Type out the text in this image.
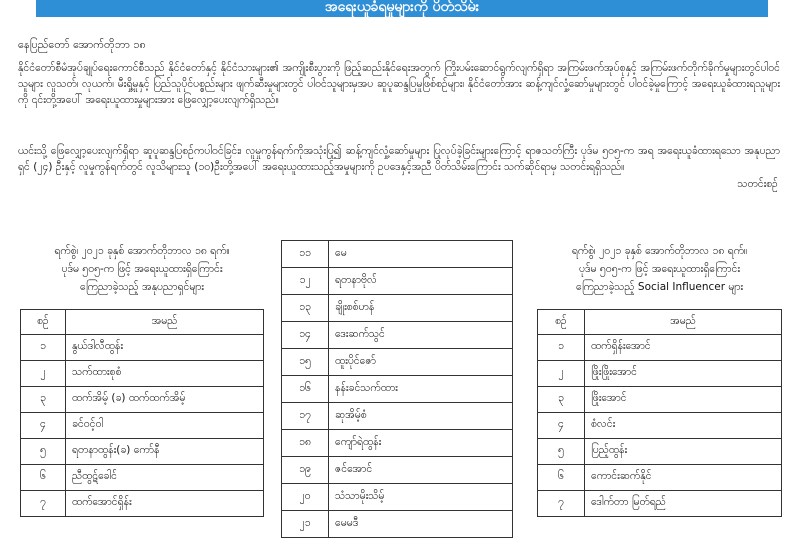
အရေးယူခံရမှုများကို ပိတ်သိမ်း
နေပြည်တော် အောက်တိုဘာ ၁၈
နိုင်ငံတော်စီမံအုပ်ချုပ်ရေးကောင်စီသည် နိုင်ငံတော်နှင့် နိုင်ငံသားများ၏ အကျိုးစီးပွားကို ဖြည့်ဆည်းနိုင်ရေးအတွက် ကြိုးပမ်းဆောင်ရွက်လျက်ရှိရာ အကြမ်းဖက်အုပ်စုနှင့် အကြမ်းဖက်တိုက်ခိုက်မှုများတွင်ပါဝင်သူများ လူသတ်၊ လုယက်၊ မီးရှို့မှုနှင့် ပြည်သူပိုင်ပစ္စည်းများ ဖျက်ဆီးမှုများတွင် ပါဝင်သူများမှအပ ဆူပူဆန္ဒပြမှုဖြစ်စဉ်များ၊ နိုင်ငံတော်အား ဆန့်ကျင်လှုံ့ဆော်မှုများတွင် ပါဝင်ခဲ့မှုကြောင့် အရေးယူခံထားရသူများကို ၎င်းတို့အပေါ် အရေးယူထားမှုများအား ဖြေလျှော့ပေးလျက်ရှိသည်။
ယင်းသို့ ဖြေလျှော့ပေးလျက်ရှိရာ ဆူပူဆန္ဒပြစဉ်ကပါဝင်ခြင်း၊ လူမှုကွန်ရက်ကိုအသုံးပြု၍ ဆန့်ကျင်လှုံ့ဆော်မှုများ ပြုလုပ်ခဲ့ခြင်းများကြောင့် ရာဇသတ်ကြီး ပုဒ်မ ၅၀၅-က အရ အရေးယူခံထားရသော အနုပညာရှင် (၂၄) ဦးနှင့် လူမှုကွန်ရက်တွင် လူသိများသူ (၁၀)ဦးတို့အပေါ် အရေးယူထားသည့်အမှုများကို ဥပဒေနှင့်အညီ ပိတ်သိမ်းကြောင်း သက်ဆိုင်ရာမှ သတင်းရရှိသည်။
သတင်းစဉ်
ရက်စွဲ၊ ၂၀၂၁ ခုနှစ် အောက်တိုဘာလ ၁၈ ရက်။
ပုဒ်မ ၅၀၅-က ဖြင့် အရေးယူထားရှိကြောင်း
ကြေညာခဲ့သည့် အနုပညာရှင်များ
စဉ်	အမည်
၁	နွယ်ဒါလီထွန်း
၂	သက်ထားစုစံ
၃	ထက်အိမ့် (ခ) ထက်ထက်အိမ့်
၄	ခင်ဝင့်ဝါ
၅	ရတနာထွန်း(ခ) ကော်နီ
၆	ညီထွဋ်ခေါင်
၇	ထက်အောင်ရှိန်း
၁၁	မေ
၁၂	ရတနာဗိုလ်
၁၃	ချိုးစစ်ဟန်
၁၄	ဒေးဆက်သွင်
၁၅	ထူးပိုင်ဇော်
၁၆	နန်းခင်သက်ထား
၁၇	ဆုအိမ့်စံ
၁၈	ကျော်ရဲထွန်း
၁၉	ဇင်အောင်
၂၀	သံသာမိုးသိမ့်
၂၁	မေမဒီ
ရက်စွဲ၊ ၂၀၂၁ ခုနှစ် အောက်တိုဘာလ ၁၈ ရက်။
ပုဒ်မ ၅၀၅-က ဖြင့် အရေးယူထားရှိကြောင်း
ကြေညာခဲ့သည့် Social Influencer များ
စဉ်	အမည်
၁	ထက်ရှိန်းအောင်
၂	ဖြိုးဖြိုးအောင်
၃	ဖြိုးအောင်
၄	စံလင်း
၅	ပြည့်ထွန်း
၆	ကောင်းဆက်နိုင်
၇	ဒေါက်တာ မြတ်ရည်
